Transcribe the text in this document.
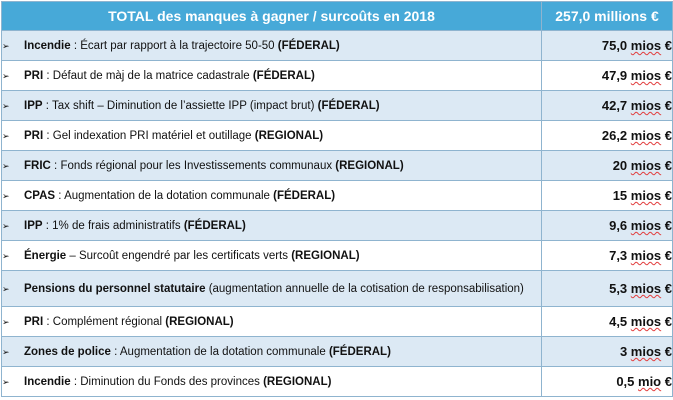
TOTAL des manques à gagner / surcoûts en 2018	257,0 millions €

➢ Incendie : Écart par rapport à la trajectoire 50-50 (FÉDERAL)	75,0 mios €

➢ PRI : Défaut de màj de la matrice cadastrale (FÉDERAL)	47,9 mios €

➢ IPP : Tax shift – Diminution de l’assiette IPP (impact brut) (FÉDERAL)	42,7 mios €

➢ PRI : Gel indexation PRI matériel et outillage (REGIONAL)	26,2 mios €

➢ FRIC : Fonds régional pour les Investissements communaux (REGIONAL)	20 mios €

➢ CPAS : Augmentation de la dotation communale (FÉDERAL)	15 mios €

➢ IPP : 1% de frais administratifs (FÉDERAL)	9,6 mios €

➢ Énergie – Surcoût engendré par les certificats verts (REGIONAL)	7,3 mios €

➢ Pensions du personnel statutaire (augmentation annuelle de la cotisation de responsabilisation)	5,3 mios €

➢ PRI : Complément régional (REGIONAL)	4,5 mios €

➢ Zones de police : Augmentation de la dotation communale (FÉDERAL)	3 mios €

➢ Incendie : Diminution du Fonds des provinces (REGIONAL)	0,5 mio €
